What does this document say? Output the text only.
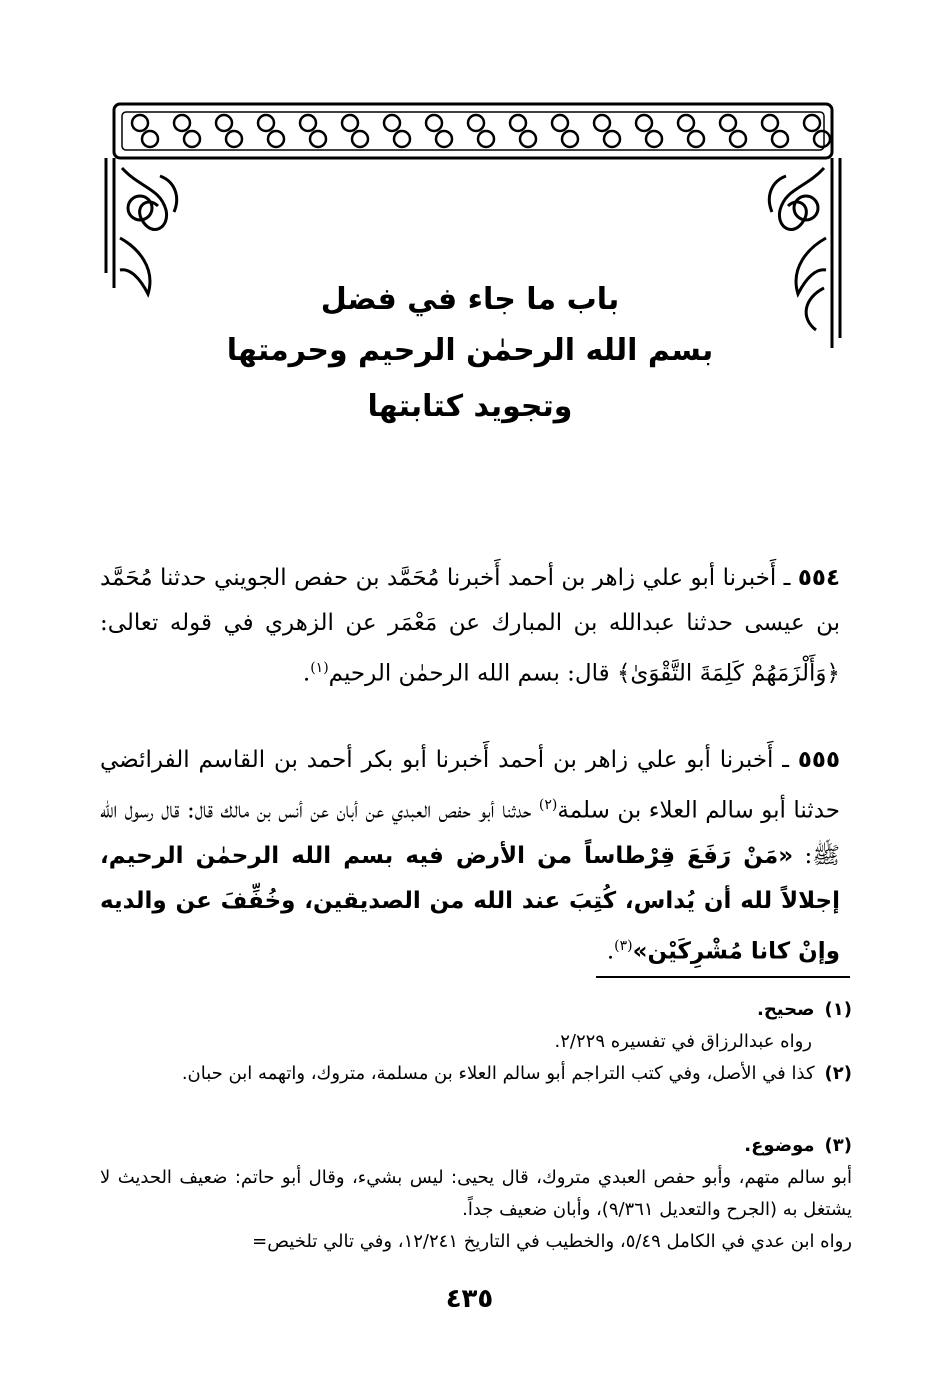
باب ما جاء في فضل
بسم الله الرحمٰن الرحيم وحرمتها
وتجويد كتابتها

٥٥٤ ـ أَخبرنا أبو علي زاهر بن أحمد أَخبرنا مُحَمَّد بن حفص الجويني حدثنا مُحَمَّد بن عيسى حدثنا عبدالله بن المبارك عن مَعْمَر عن الزهري في قوله تعالى: ﴿وَأَلْزَمَهُمْ كَلِمَةَ التَّقْوَىٰ﴾ قال: بسم الله الرحمٰن الرحيم$^{(١)}$.

٥٥٥ ـ أَخبرنا أبو علي زاهر بن أحمد أَخبرنا أبو بكر أحمد بن القاسم الفرائضي حدثنا أبو سالم العلاء بن سلمة$^{(٢)}$ حدثنا أبو حفص العبدي عن أبان عن أنس بن مالك قال: قال رسول الله ﷺ: «مَنْ رَفَعَ قِرْطاساً من الأرض فيه بسم الله الرحمٰن الرحيم، إجلالاً لله أن يُداس، كُتِبَ عند الله من الصديقين، وخُفِّفَ عن والديه وإنْ كانا مُشْرِكَيْن»$^{(٣)}$.

(١)صحيح.
رواه عبدالرزاق في تفسيره ٢/٢٢٩.
(٢)كذا في الأصل، وفي كتب التراجم أبو سالم العلاء بن مسلمة، متروك، واتهمه ابن حبان.
(٣)موضوع.
أبو سالم متهم، وأبو حفص العبدي متروك، قال يحيى: ليس بشيء، وقال أبو حاتم: ضعيف الحديث لا يشتغل به (الجرح والتعديل ٩/٣٦١)، وأبان ضعيف جداً.
رواه ابن عدي في الكامل ٥/٤٩، والخطيب في التاريخ ١٢/٢٤١، وفي تالي تلخيص=
٤٣٥
